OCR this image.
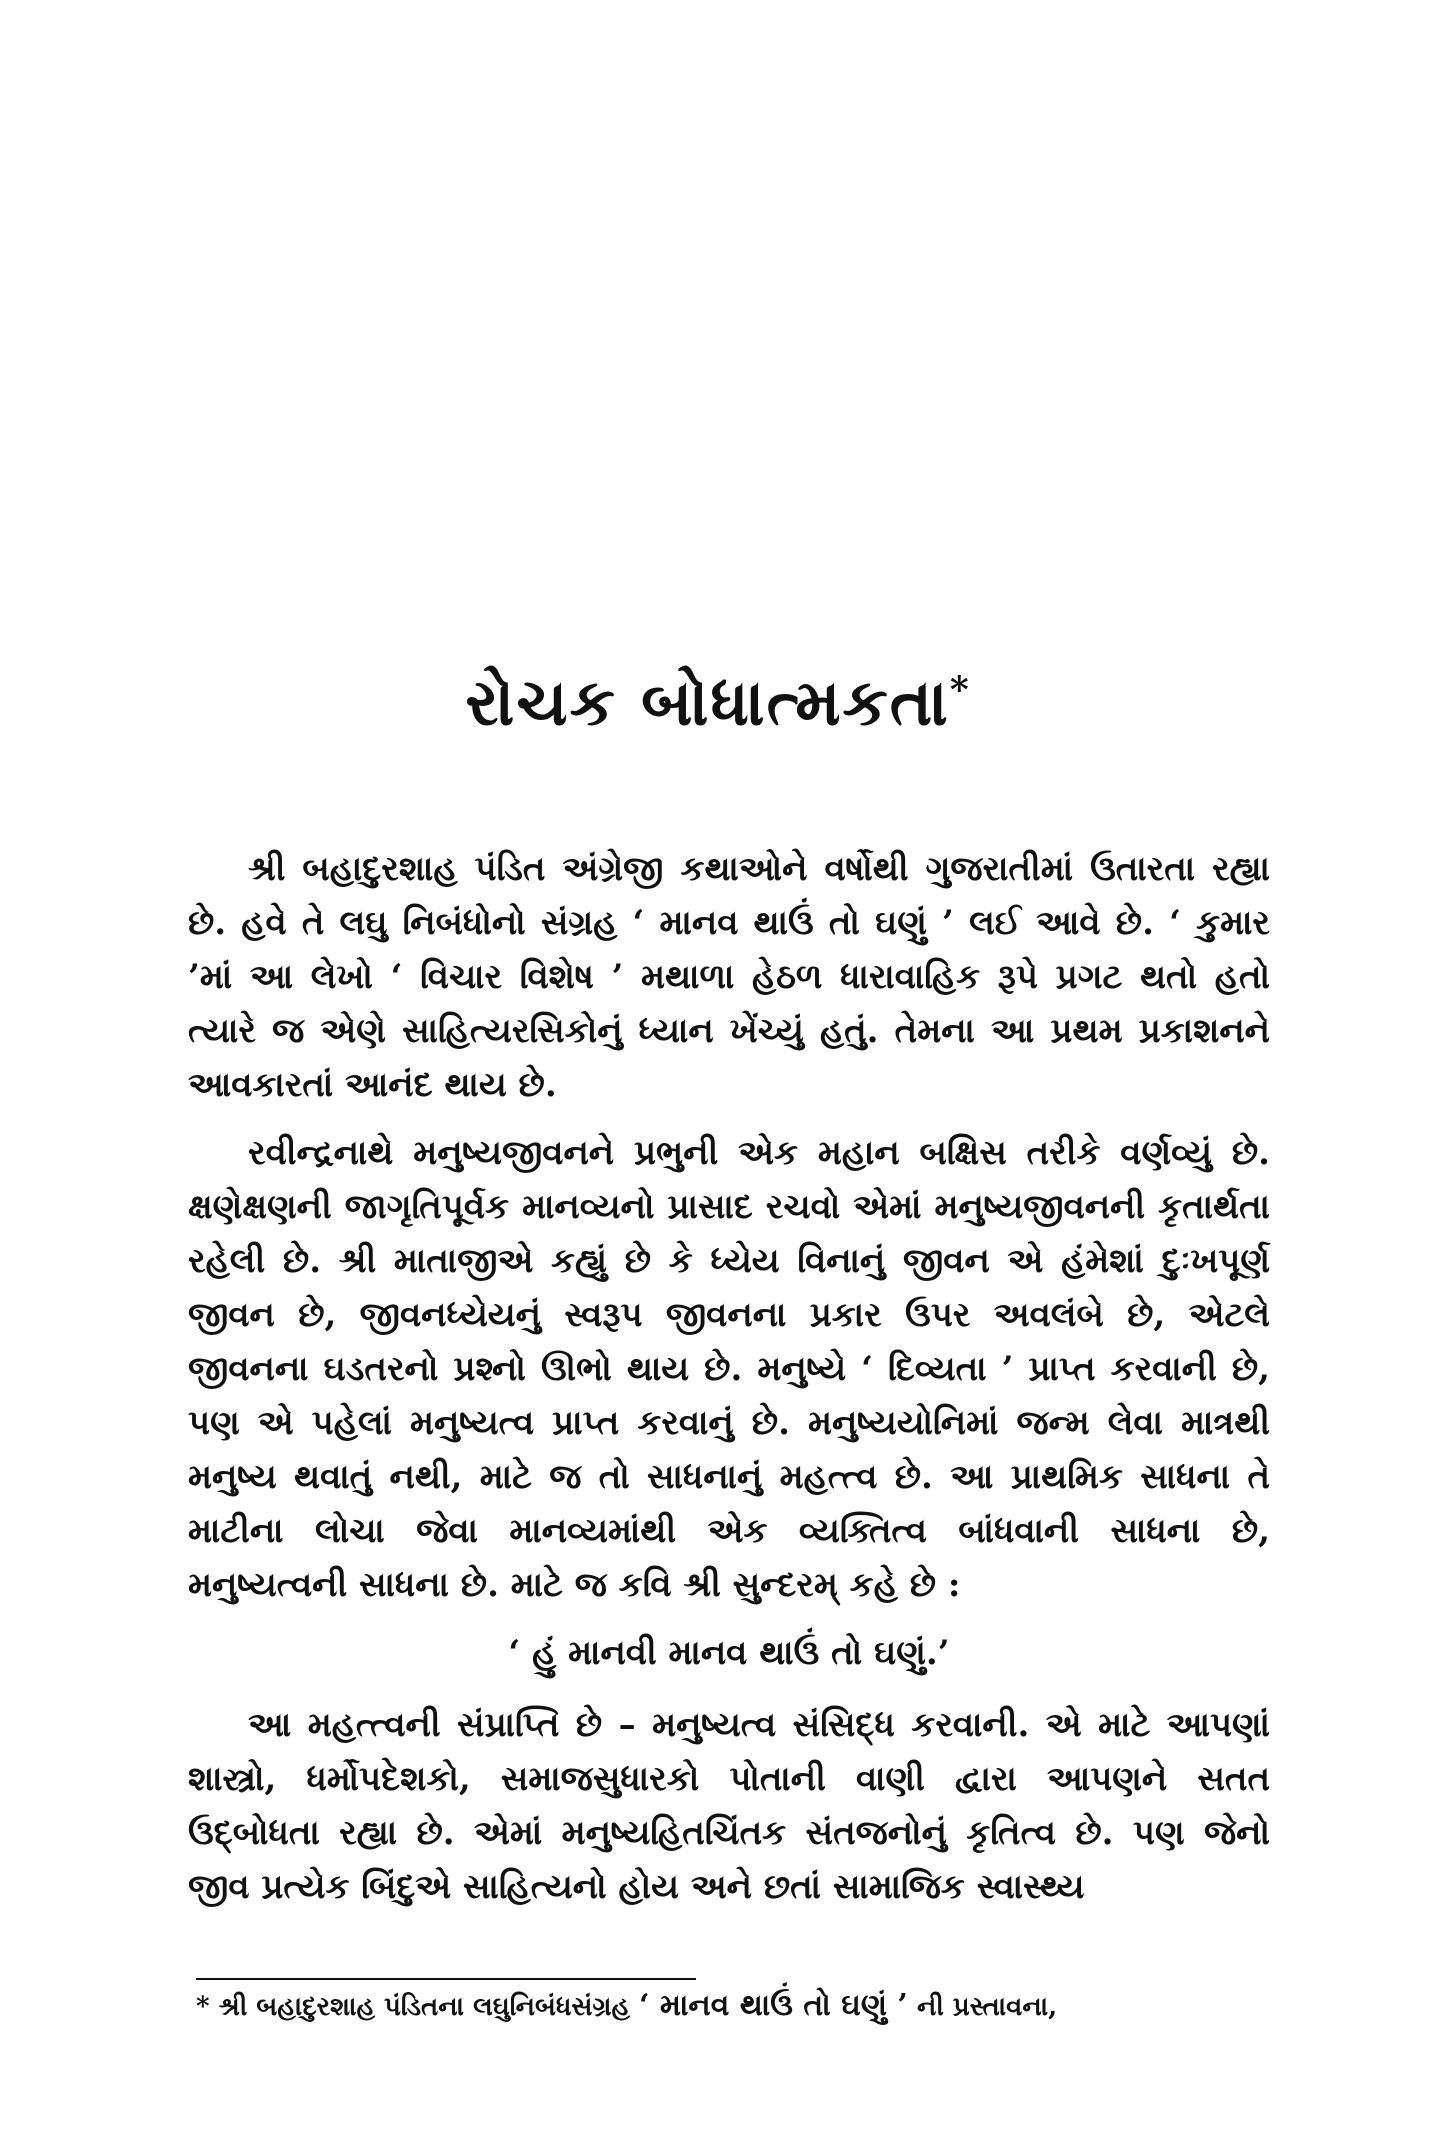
રોચક બોધાત્મકતા*

શ્રી બહાદુરશાહ પંડિત અંગ્રેજી કથાઓને વર્ષોથી ગુજરાતીમાં ઉતારતા રહ્યા છે. હવે તે લઘુ નિબંધોનો સંગ્રહ ‘ માનવ થાઉં તો ઘણું ’ લઈ આવે છે. ‘ કુમાર ’માં આ લેખો ‘ વિચાર વિશેષ ’ મથાળા હેઠળ ધારાવાહિક રૂપે પ્રગટ થતો હતો ત્યારે જ એણે સાહિત્યરસિકોનું ધ્યાન ખેંચ્યું હતું. તેમના આ પ્રથમ પ્રકાશનને આવકારતાં આનંદ થાય છે.

રવીન્દ્રનાથે મનુષ્યજીવનને પ્રભુની એક મહાન બક્ષિસ તરીકે વર્ણવ્યું છે. ક્ષણેક્ષણની જાગૃતિપૂર્વક માનવ્યનો પ્રાસાદ રચવો એમાં મનુષ્યજીવનની કૃતાર્થતા રહેલી છે. શ્રી માતાજીએ કહ્યું છે કે ધ્યેય વિનાનું જીવન એ હંમેશાં દુઃખપૂર્ણ જીવન છે, જીવનધ્યેયનું સ્વરૂપ જીવનના પ્રકાર ઉપર અવલંબે છે, એટલે જીવનના ઘડતરનો પ્રશ્નો ઊભો થાય છે. મનુષ્યે ‘ દિવ્યતા ’ પ્રાપ્ત કરવાની છે, પણ એ પહેલાં મનુષ્યત્વ પ્રાપ્ત કરવાનું છે. મનુષ્યયોનિમાં જન્મ લેવા માત્રથી મનુષ્ય થવાતું નથી, માટે જ તો સાધનાનું મહત્ત્વ છે. આ પ્રાથમિક સાધના તે માટીના લોચા જેવા માનવ્યમાંથી એક વ્યક્તિત્વ બાંધવાની સાધના છે, મનુષ્યત્વની સાધના છે. માટે જ કવિ શ્રી સુન્દરમ્ કહે છે :

‘ હું માનવી માનવ થાઉં તો ઘણું.’

આ મહત્ત્વની સંપ્રાપ્તિ છે – મનુષ્યત્વ સંસિદ્ધ કરવાની. એ માટે આપણાં શાસ્ત્રો, ધર્મોપદેશકો, સમાજસુધારકો પોતાની વાણી દ્વારા આપણને સતત ઉદ્‌બોધતા રહ્યા છે. એમાં મનુષ્યહિતચિંતક સંતજનોનું કૃતિત્વ છે. પણ જેનો જીવ પ્રત્યેક બિંદુએ સાહિત્યનો હોય અને છતાં સામાજિક સ્વાસ્થ્ય

* શ્રી બહાદુરશાહ પંડિતના લઘુનિબંધસંગ્રહ ‘ માનવ થાઉં તો ઘણું ’ ની પ્રસ્તાવના,
